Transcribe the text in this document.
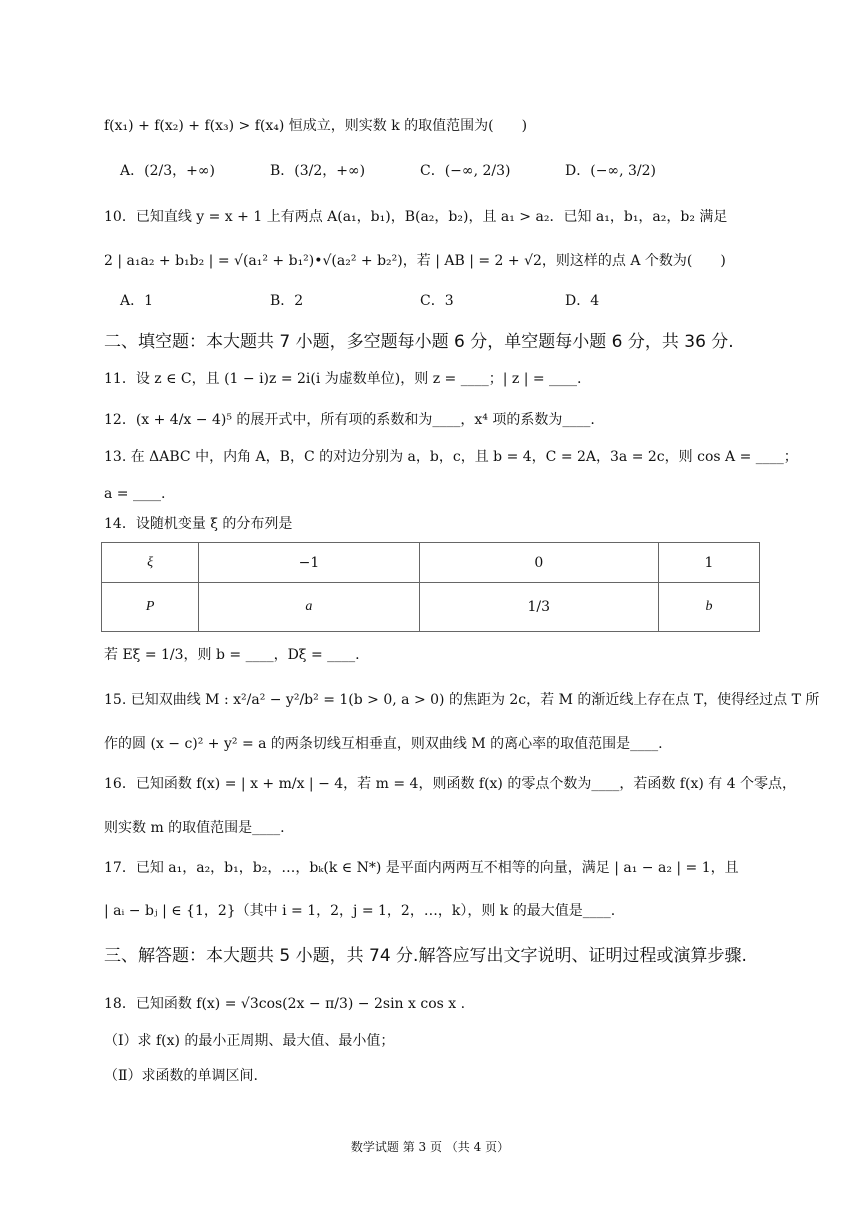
f(x₁) + f(x₂) + f(x₃) > f(x₄) 恒成立，则实数 k 的取值范围为(　　)
A．(2/3，+∞)	B．(3/2，+∞)	C．(−∞, 2/3)	D．(−∞, 3/2)
10．已知直线 y = x + 1 上有两点 A(a₁，b₁)，B(a₂，b₂)，且 a₁ > a₂．已知 a₁，b₁，a₂，b₂ 满足
2 | a₁a₂ + b₁b₂ | = √(a₁² + b₁²)•√(a₂² + b₂²)，若 | AB | = 2 + √2，则这样的点 A 个数为(　　)
A．1	B．2	C．3	D．4
二、填空题：本大题共 7 小题，多空题每小题 6 分，单空题每小题 6 分，共 36 分.
11．设 z ∈ C，且 (1 − i)z = 2i(i 为虚数单位)，则 z = ____；| z | = ____.
12．(x + 4/x − 4)⁵ 的展开式中，所有项的系数和为____，x⁴ 项的系数为____.
13. 在 ΔABC 中，内角 A，B，C 的对边分别为 a，b，c，且 b = 4，C = 2A，3a = 2c，则 cos A = ____；
a = ____.
14．设随机变量 ξ 的分布列是
ξ	−1	0	1
P	a	1/3	b
若 Eξ = 1/3，则 b = ____，Dξ = ____.
15. 已知双曲线 M : x²/a² − y²/b² = 1(b > 0, a > 0) 的焦距为 2c，若 M 的渐近线上存在点 T，使得经过点 T 所
作的圆 (x − c)² + y² = a 的两条切线互相垂直，则双曲线 M 的离心率的取值范围是____.
16．已知函数 f(x) = | x + m/x | − 4，若 m = 4，则函数 f(x) 的零点个数为____，若函数 f(x) 有 4 个零点，
则实数 m 的取值范围是____.
17．已知 a₁，a₂，b₁，b₂，…，bₖ(k ∈ N*) 是平面内两两互不相等的向量，满足 | a₁ − a₂ | = 1，且
| aᵢ − bⱼ | ∈ {1，2}（其中 i = 1，2，j = 1，2，…，k），则 k 的最大值是____.
三、解答题：本大题共 5 小题，共 74 分.解答应写出文字说明、证明过程或演算步骤.
18．已知函数 f(x) = √3cos(2x − π/3) − 2sin x cos x .
（Ⅰ）求 f(x) 的最小正周期、最大值、最小值；
（Ⅱ）求函数的单调区间.
数学试题 第 3 页 （共 4 页）
